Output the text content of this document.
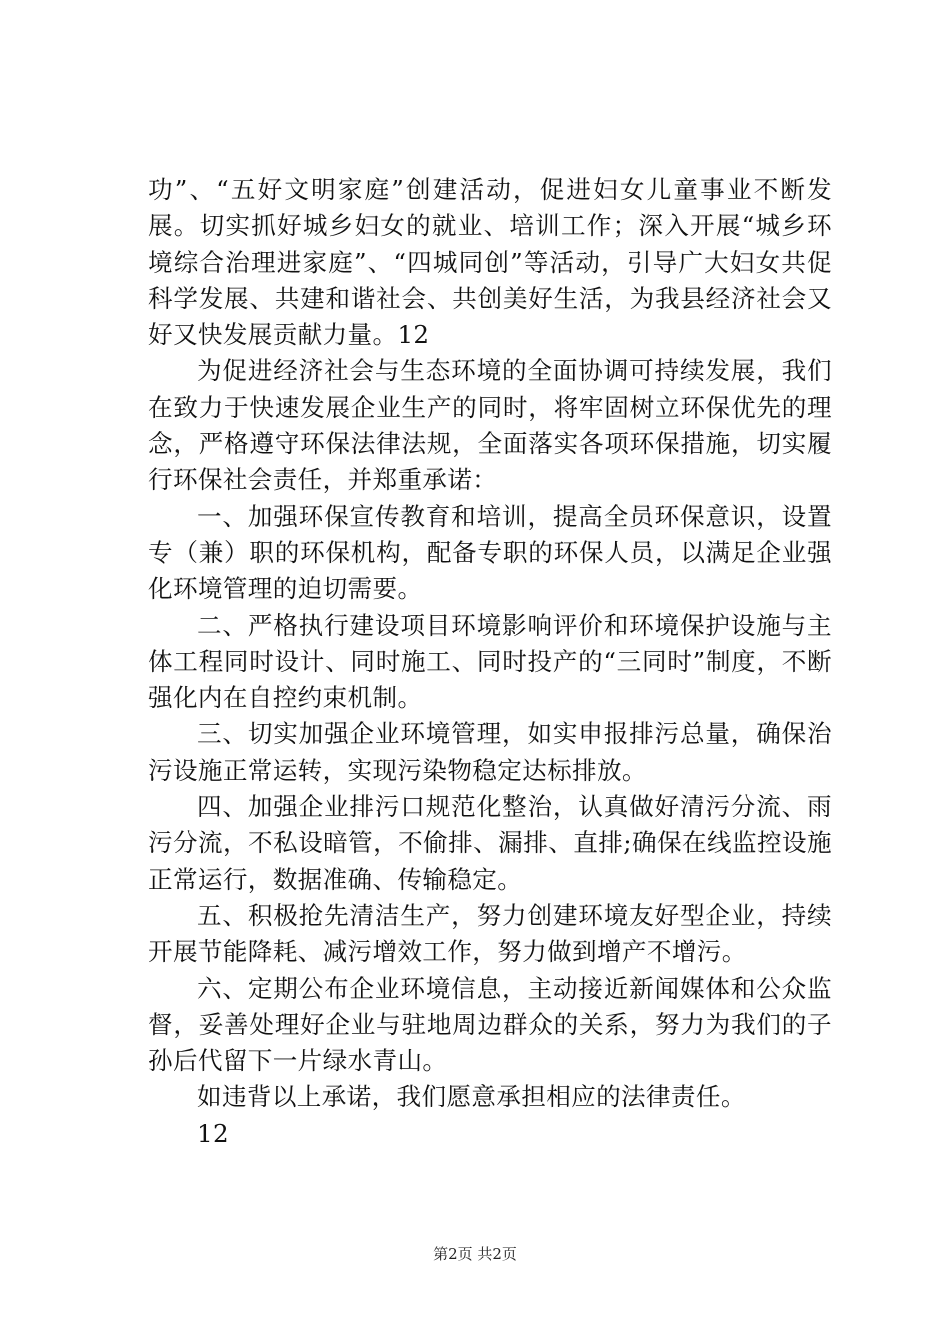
功”、“五好文明家庭”创建活动，促进妇女儿童事业不断发展。切实抓好城乡妇女的就业、培训工作；深入开展“城乡环境综合治理进家庭”、“四城同创”等活动，引导广大妇女共促科学发展、共建和谐社会、共创美好生活，为我县经济社会又好又快发展贡献力量。12

为促进经济社会与生态环境的全面协调可持续发展，我们在致力于快速发展企业生产的同时，将牢固树立环保优先的理念，严格遵守环保法律法规，全面落实各项环保措施，切实履行环保社会责任，并郑重承诺：

一、加强环保宣传教育和培训，提高全员环保意识，设置专（兼）职的环保机构，配备专职的环保人员，以满足企业强化环境管理的迫切需要。

二、严格执行建设项目环境影响评价和环境保护设施与主体工程同时设计、同时施工、同时投产的“三同时”制度，不断强化内在自控约束机制。

三、切实加强企业环境管理，如实申报排污总量，确保治污设施正常运转，实现污染物稳定达标排放。

四、加强企业排污口规范化整治，认真做好清污分流、雨污分流，不私设暗管，不偷排、漏排、直排;确保在线监控设施正常运行，数据准确、传输稳定。

五、积极抢先清洁生产，努力创建环境友好型企业，持续开展节能降耗、减污增效工作，努力做到增产不增污。

六、定期公布企业环境信息，主动接近新闻媒体和公众监督，妥善处理好企业与驻地周边群众的关系，努力为我们的子孙后代留下一片绿水青山。

如违背以上承诺，我们愿意承担相应的法律责任。

12

第2页 共2页
